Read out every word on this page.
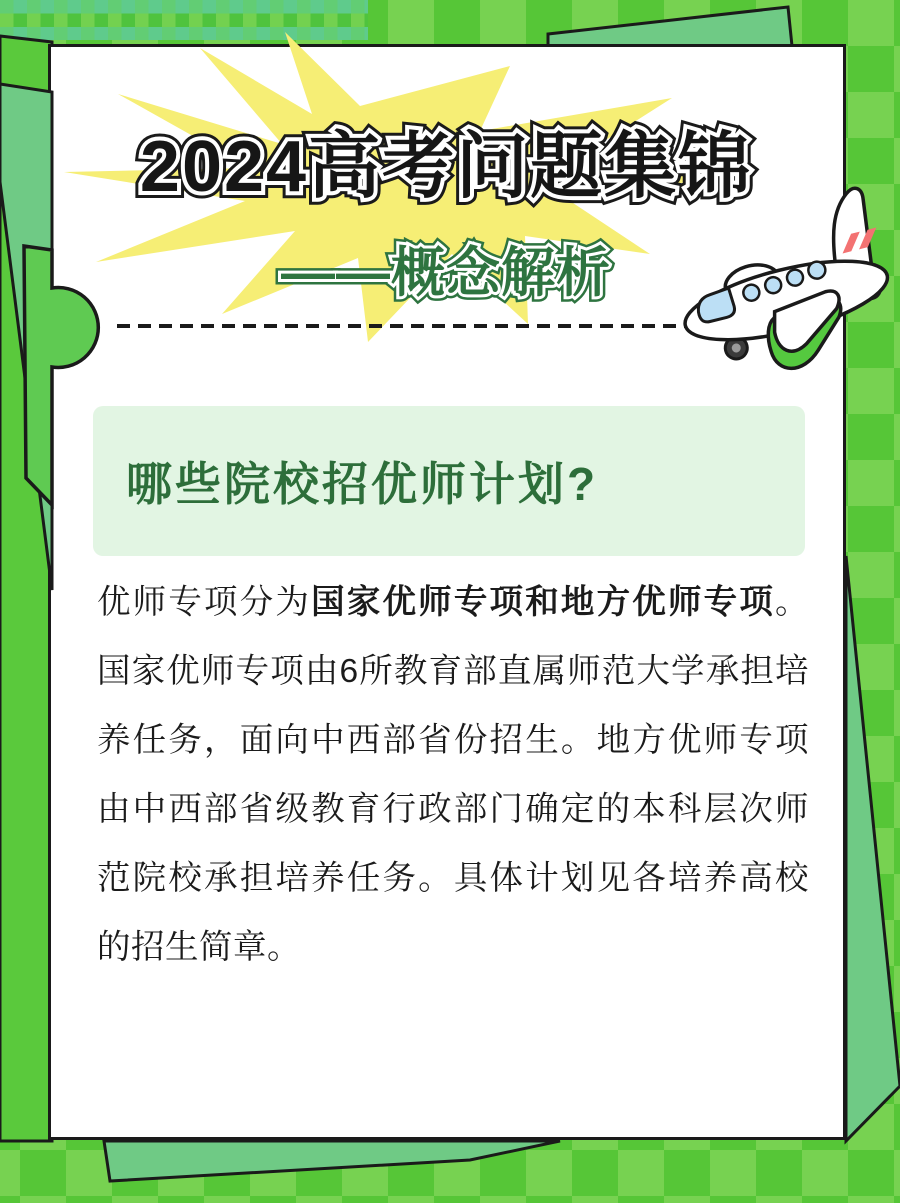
2024高考问题集锦 2024高考问题集锦 2024高考问题集锦
——概念解析 ——概念解析 ——概念解析
哪些院校招优师计划?

优师专项分为国家优师专项和地方优师专项。国家优师专项由6所教育部直属师范大学承担培养任务，面向中西部省份招生。地方优师专项由中西部省级教育行政部门确定的本科层次师范院校承担培养任务。具体计划见各培养高校的招生简章。
